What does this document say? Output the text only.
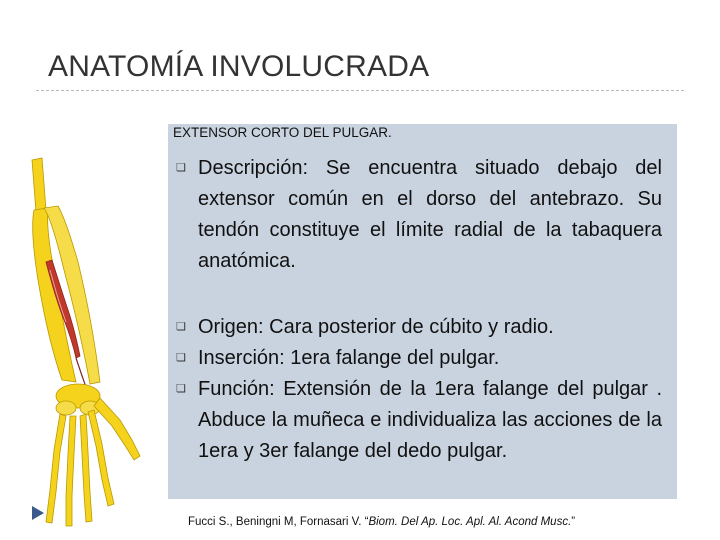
ANATOMÍA INVOLUCRADA
EXTENSOR CORTO DEL PULGAR.
❏ Descripción: Se encuentra situado debajo del extensor común en el dorso del antebrazo. Su tendón constituye el límite radial de la tabaquera anatómica.
❏ Origen: Cara posterior de cúbito y radio.
❏ Inserción: 1era falange del pulgar.
❏ Función: Extensión de la 1era falange del pulgar . Abduce la muñeca e individualiza las acciones de la 1era y 3er falange del dedo pulgar.
Fucci S., Beningni M, Fornasari V. “Biom. Del Ap. Loc. Apl. Al. Acond Musc.”
